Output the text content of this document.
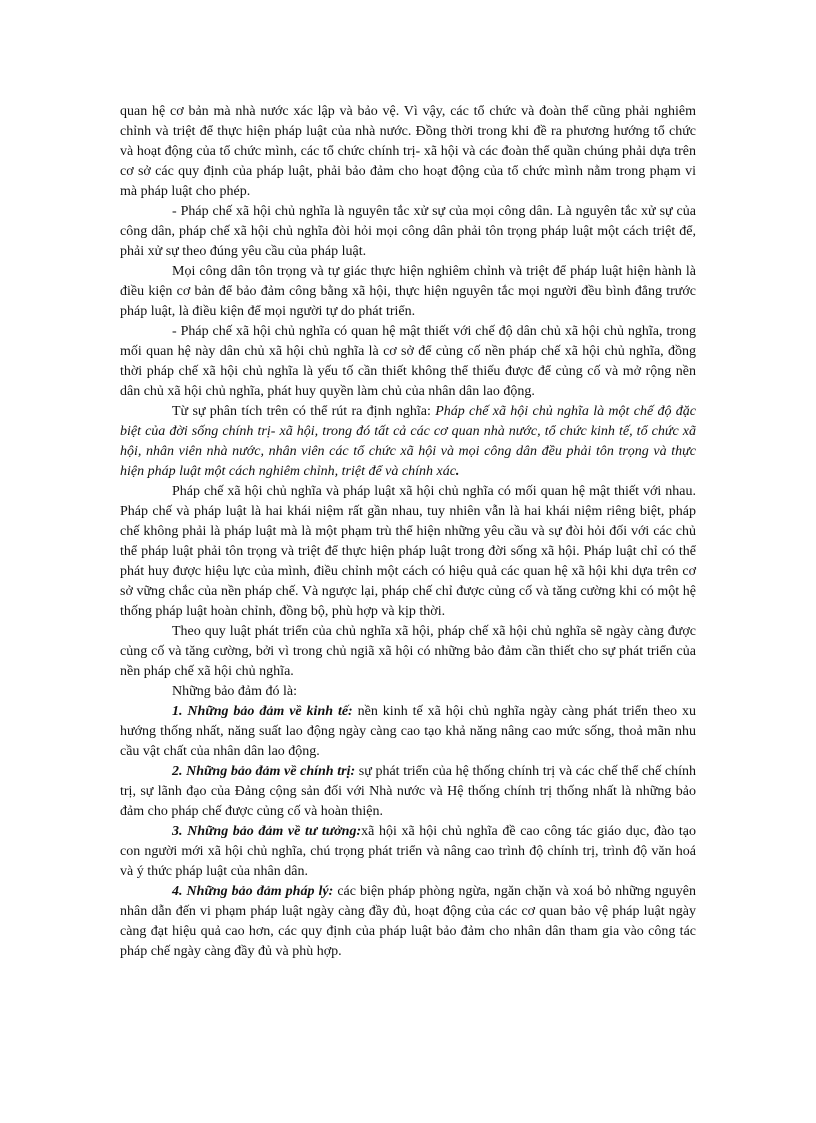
quan hệ cơ bản mà nhà nước xác lập và bảo vệ. Vì vậy, các tổ chức và đoàn thể cũng phải nghiêm chỉnh và triệt để thực hiện pháp luật của nhà nước. Đồng thời trong khi đề ra phương hướng tổ chức và hoạt động của tổ chức mình, các tổ chức chính trị- xã hội và các đoàn thể quần chúng phải dựa trên cơ sở các quy định của pháp luật, phải bảo đảm cho hoạt động của tổ chức mình nằm trong phạm vi mà pháp luật cho phép.

- Pháp chế xã hội chủ nghĩa là nguyên tắc xử sự của mọi công dân. Là nguyên tắc xử sự của công dân, pháp chế xã hội chủ nghĩa đòi hỏi mọi công dân phải tôn trọng pháp luật một cách triệt để, phải xử sự theo đúng yêu cầu của pháp luật.

Mọi công dân tôn trọng và tự giác thực hiện nghiêm chỉnh và triệt để pháp luật hiện hành là điều kiện cơ bản để bảo đảm công bằng xã hội, thực hiện nguyên tắc mọi người đều bình đẳng trước pháp luật, là điều kiện để mọi người tự do phát triển.

- Pháp chế xã hội chủ nghĩa có quan hệ mật thiết với chế độ dân chủ xã hội chủ nghĩa, trong mối quan hệ này dân chủ xã hội chủ nghĩa là cơ sở để củng cố nền pháp chế xã hội chủ nghĩa, đồng thời pháp chế xã hội chủ nghĩa là yếu tố cần thiết không thể thiếu được để củng cố và mở rộng nền dân chủ xã hội chủ nghĩa, phát huy quyền làm chủ của nhân dân lao động.

Từ sự phân tích trên có thể rút ra định nghĩa: Pháp chế xã hội chủ nghĩa là một chế độ đặc biệt của đời sống chính trị- xã hội, trong đó tất cả các cơ quan nhà nước, tổ chức kinh tế, tổ chức xã hội, nhân viên nhà nước, nhân viên các tổ chức xã hội và mọi công dân đều phải tôn trọng và thực hiện pháp luật một cách nghiêm chỉnh, triệt để và chính xác.

Pháp chế xã hội chủ nghĩa và pháp luật xã hội chủ nghĩa có mối quan hệ mật thiết với nhau. Pháp chế và pháp luật là hai khái niệm rất gần nhau, tuy nhiên vẫn là hai khái niệm riêng biệt, pháp chế không phải là pháp luật mà là một phạm trù thể hiện những yêu cầu và sự đòi hỏi đối với các chủ thể pháp luật phải tôn trọng và triệt để thực hiện pháp luật trong đời sống xã hội. Pháp luật chỉ có thể phát huy được hiệu lực của mình, điều chỉnh một cách có hiệu quả các quan hệ xã hội khi dựa trên cơ sở vững chắc của nền pháp chế. Và ngược lại, pháp chế chỉ được củng cố và tăng cường khi có một hệ thống pháp luật hoàn chỉnh, đồng bộ, phù hợp và kịp thời.

Theo quy luật phát triển của chủ nghĩa xã hội, pháp chế xã hội chủ nghĩa sẽ ngày càng được củng cố và tăng cường, bởi vì trong chủ ngiã xã hội có những bảo đảm cần thiết cho sự phát triển của nền pháp chế xã hội chủ nghĩa.

Những bảo đảm đó là:

1. Những bảo đảm về kinh tế: nền kinh tế xã hội chủ nghĩa ngày càng phát triển theo xu hướng thống nhất, năng suất lao động ngày càng cao tạo khả năng nâng cao mức sống, thoả mãn nhu cầu vật chất của nhân dân lao động.

2. Những bảo đảm về chính trị: sự phát triển của hệ thống chính trị và các chế thể chế chính trị, sự lãnh đạo của Đảng cộng sản đối với Nhà nước và Hệ thống chính trị thống nhất là những bảo đảm cho pháp chế được củng cố và hoàn thiện.

3. Những bảo đảm về tư tưởng:xã hội xã hội chủ nghĩa đề cao công tác giáo dục, đào tạo con người mới xã hội chủ nghĩa, chú trọng phát triển và nâng cao trình độ chính trị, trình độ văn hoá và ý thức pháp luật của nhân dân.

4. Những bảo đảm pháp lý: các biện pháp phòng ngừa, ngăn chặn và xoá bỏ những nguyên nhân dẫn đến vi phạm pháp luật ngày càng đầy đủ, hoạt động của các cơ quan bảo vệ pháp luật ngày càng đạt hiệu quả cao hơn, các quy định của pháp luật bảo đảm cho nhân dân tham gia vào công tác pháp chế ngày càng đầy đủ và phù hợp.
